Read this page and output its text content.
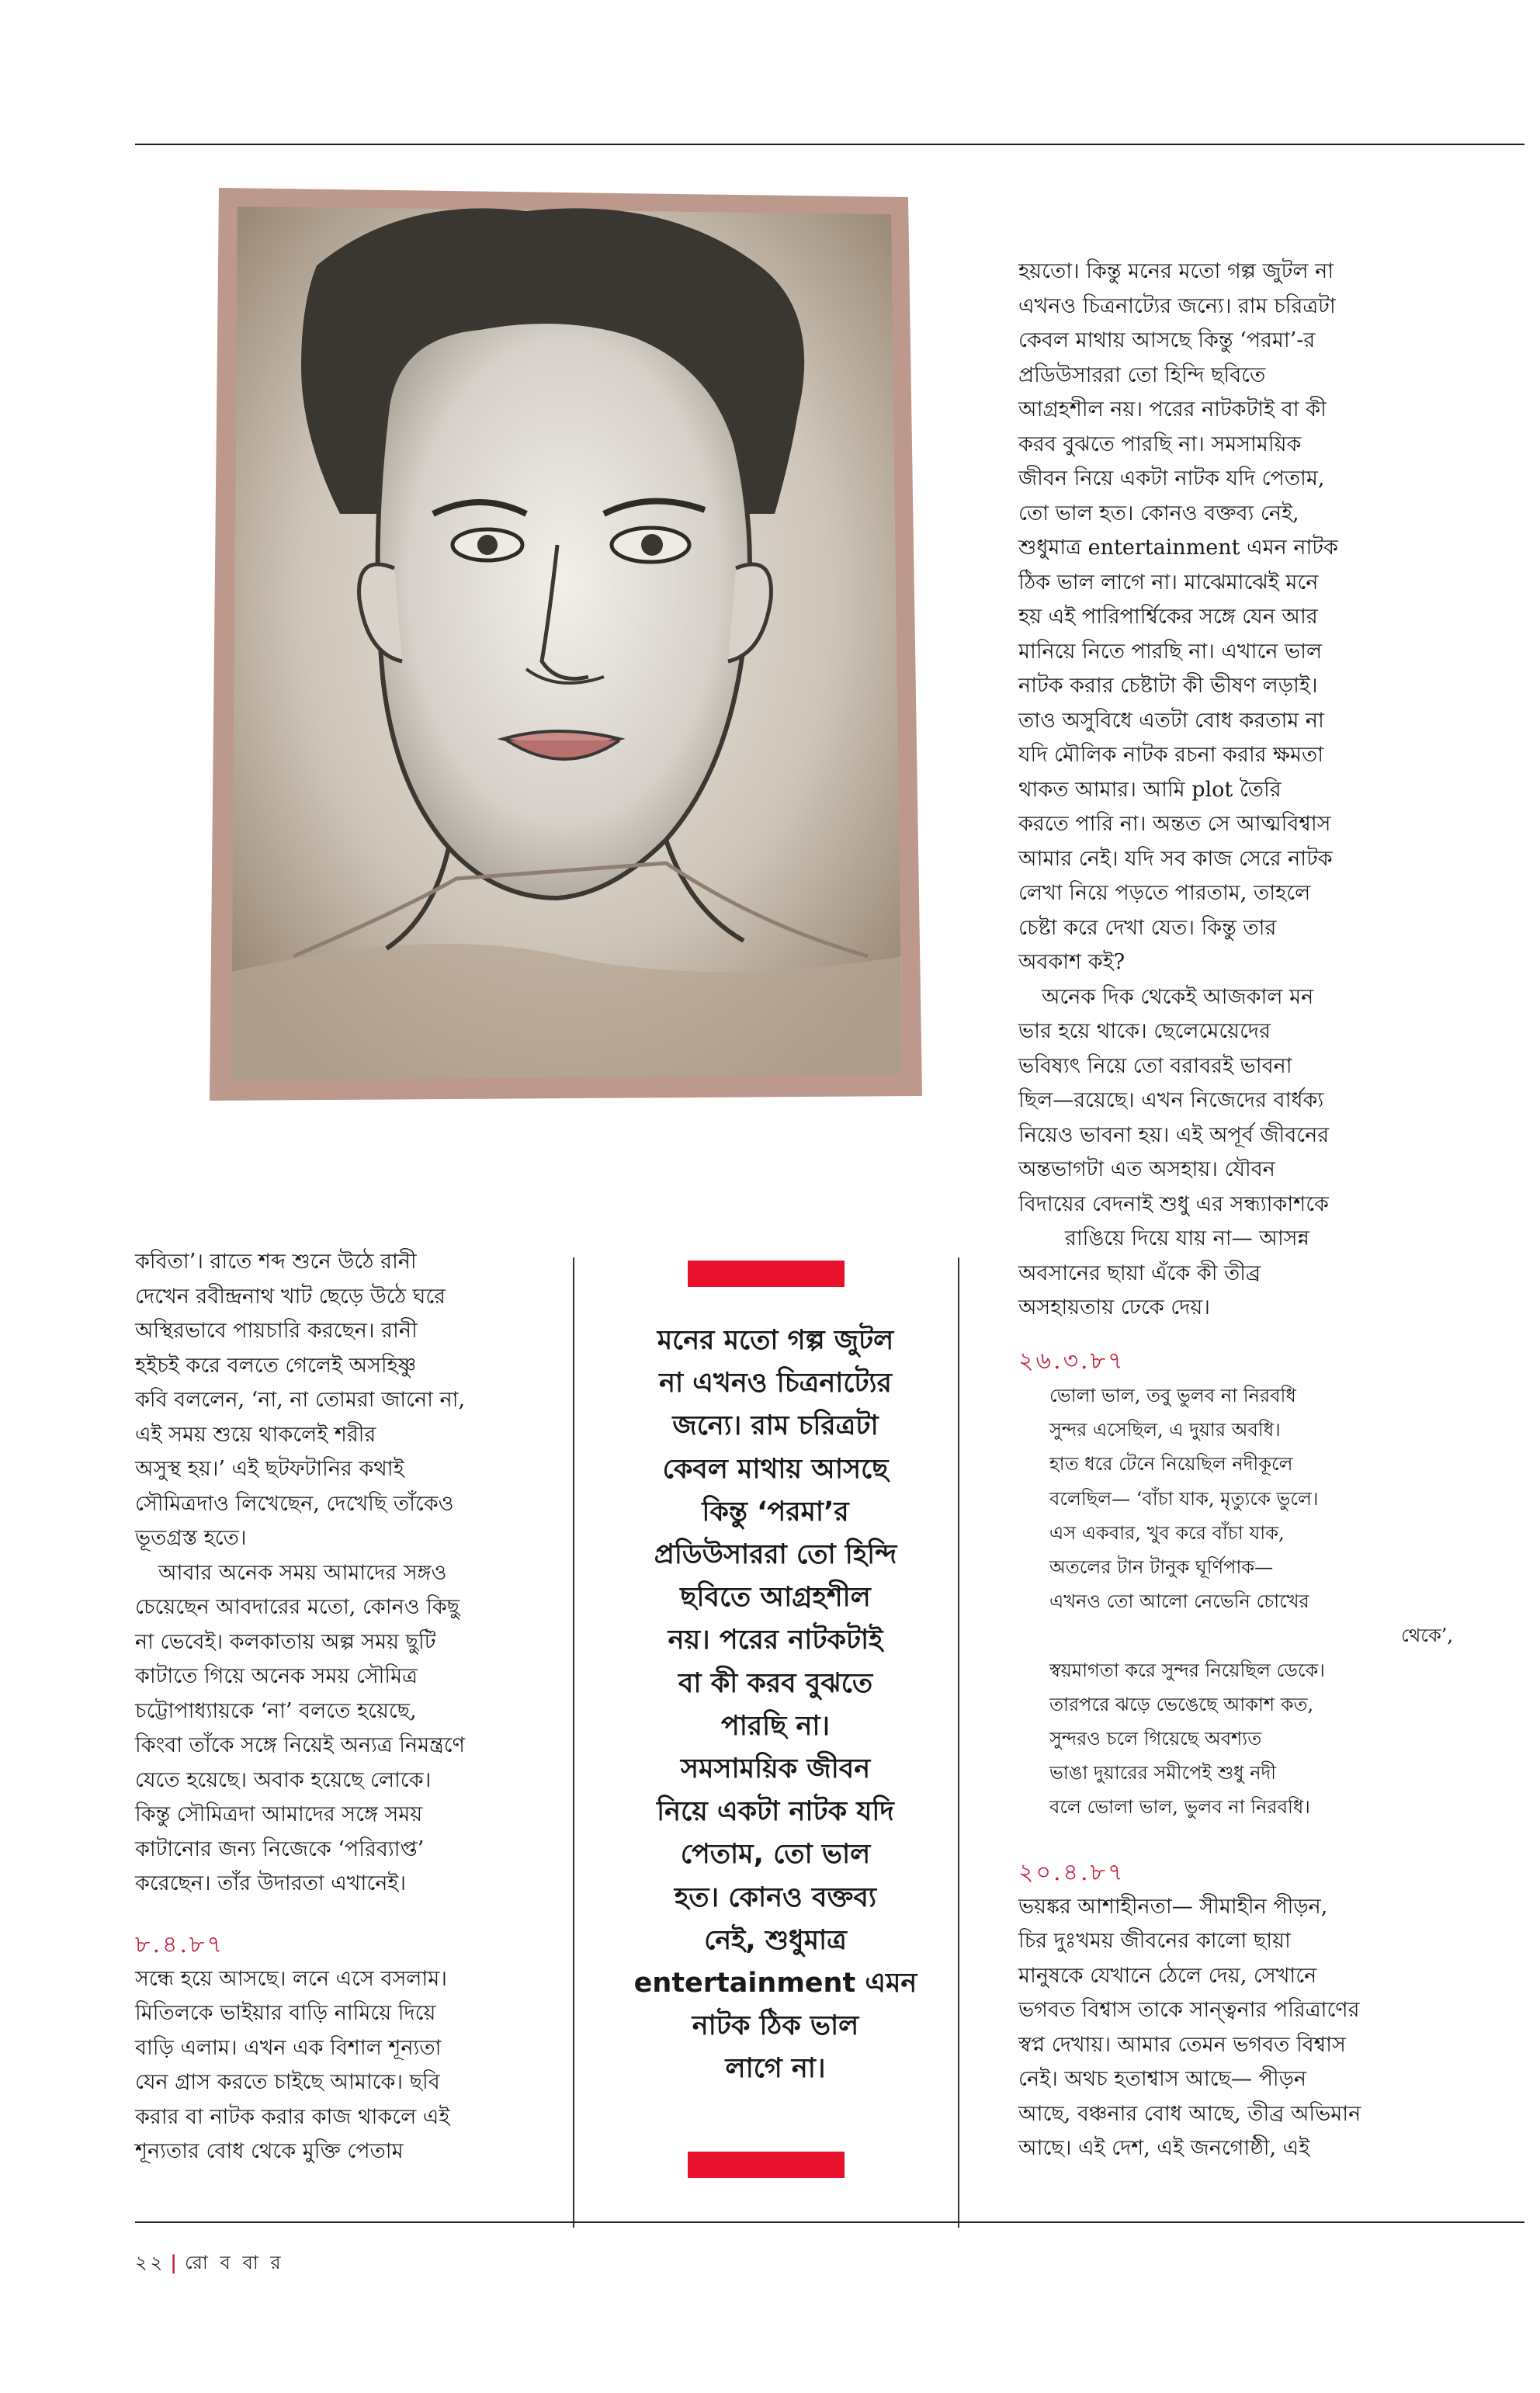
হয়তো। কিন্তু মনের মতো গল্প জুটল না
এখনও চিত্রনাট্যের জন্যে। রাম চরিত্রটা
কেবল মাথায় আসছে কিন্তু ‘পরমা’-র
প্রডিউসাররা তো হিন্দি ছবিতে
আগ্রহশীল নয়। পরের নাটকটাই বা কী
করব বুঝতে পারছি না। সমসাময়িক
জীবন নিয়ে একটা নাটক যদি পেতাম,
তো ভাল হত। কোনও বক্তব্য নেই,
শুধুমাত্র entertainment এমন নাটক
ঠিক ভাল লাগে না। মাঝেমাঝেই মনে
হয় এই পারিপার্শ্বিকের সঙ্গে যেন আর
মানিয়ে নিতে পারছি না। এখানে ভাল
নাটক করার চেষ্টাটা কী ভীষণ লড়াই।
তাও অসুবিধে এতটা বোধ করতাম না
যদি মৌলিক নাটক রচনা করার ক্ষমতা
থাকত আমার। আমি plot তৈরি
করতে পারি না। অন্তত সে আত্মবিশ্বাস
আমার নেই। যদি সব কাজ সেরে নাটক
লেখা নিয়ে পড়তে পারতাম, তাহলে
চেষ্টা করে দেখা যেত। কিন্তু তার
অবকাশ কই?

অনেক দিক থেকেই আজকাল মন
ভার হয়ে থাকে। ছেলেমেয়েদের
ভবিষ্যৎ নিয়ে তো বরাবরই ভাবনা
ছিল—রয়েছে। এখন নিজেদের বার্ধক্য
নিয়েও ভাবনা হয়। এই অপূর্ব জীবনের
অন্তভাগটা এত অসহায়। যৌবন
বিদায়ের বেদনাই শুধু এর সন্ধ্যাকাশকে
রাঙিয়ে দিয়ে যায় না— আসন্ন
অবসানের ছায়া এঁকে কী তীব্র
অসহায়তায় ঢেকে দেয়।

২৬.৩.৮৭

ভোলা ভাল, তবু ভুলব না নিরবধি
সুন্দর এসেছিল, এ দুয়ার অবধি।
হাত ধরে টেনে নিয়েছিল নদীকূলে
বলেছিল— ‘বাঁচা যাক, মৃত্যুকে ভুলে।
এস একবার, খুব করে বাঁচা যাক,
অতলের টান টানুক ঘূর্ণিপাক—
এখনও তো আলো নেভেনি চোখের
থেকে’,
স্বয়মাগতা করে সুন্দর নিয়েছিল ডেকে।
তারপরে ঝড়ে ভেঙেছে আকাশ কত,
সুন্দরও চলে গিয়েছে অবশ্যত
ভাঙা দুয়ারের সমীপেই শুধু নদী
বলে ভোলা ভাল, ভুলব না নিরবধি।

২০.৪.৮৭

ভয়ঙ্কর আশাহীনতা— সীমাহীন পীড়ন,
চির দুঃখময় জীবনের কালো ছায়া
মানুষকে যেখানে ঠেলে দেয়, সেখানে
ভগবত বিশ্বাস তাকে সান্ত্বনার পরিত্রাণের
স্বপ্ন দেখায়। আমার তেমন ভগবত বিশ্বাস
নেই। অথচ হতাশ্বাস আছে— পীড়ন
আছে, বঞ্চনার বোধ আছে, তীব্র অভিমান
আছে। এই দেশ, এই জনগোষ্ঠী, এই

কবিতা’। রাতে শব্দ শুনে উঠে রানী
দেখেন রবীন্দ্রনাথ খাট ছেড়ে উঠে ঘরে
অস্থিরভাবে পায়চারি করছেন। রানী
হইচই করে বলতে গেলেই অসহিষ্ণু
কবি বললেন, ‘না, না তোমরা জানো না,
এই সময় শুয়ে থাকলেই শরীর
অসুস্থ হয়।’ এই ছটফটানির কথাই
সৌমিত্রদাও লিখেছেন, দেখেছি তাঁকেও
ভূতগ্রস্ত হতে।

আবার অনেক সময় আমাদের সঙ্গও
চেয়েছেন আবদারের মতো, কোনও কিছু
না ভেবেই। কলকাতায় অল্প সময় ছুটি
কাটাতে গিয়ে অনেক সময় সৌমিত্র
চট্টোপাধ্যায়কে ‘না’ বলতে হয়েছে,
কিংবা তাঁকে সঙ্গে নিয়েই অন্যত্র নিমন্ত্রণে
যেতে হয়েছে। অবাক হয়েছে লোকে।
কিন্তু সৌমিত্রদা আমাদের সঙ্গে সময়
কাটানোর জন্য নিজেকে ‘পরিব্যাপ্ত’
করেছেন। তাঁর উদারতা এখানেই।

৮.৪.৮৭

সন্ধে হয়ে আসছে। লনে এসে বসলাম।
মিতিলকে ভাইয়ার বাড়ি নামিয়ে দিয়ে
বাড়ি এলাম। এখন এক বিশাল শূন্যতা
যেন গ্রাস করতে চাইছে আমাকে। ছবি
করার বা নাটক করার কাজ থাকলে এই
শূন্যতার বোধ থেকে মুক্তি পেতাম

মনের মতো গল্প জুটল
না এখনও চিত্রনাট্যের
জন্যে। রাম চরিত্রটা
কেবল মাথায় আসছে
কিন্তু ‘পরমা’র
প্রডিউসাররা তো হিন্দি
ছবিতে আগ্রহশীল
নয়। পরের নাটকটাই
বা কী করব বুঝতে
পারছি না।
সমসাময়িক জীবন
নিয়ে একটা নাটক যদি
পেতাম, তো ভাল
হত। কোনও বক্তব্য
নেই, শুধুমাত্র
entertainment এমন
নাটক ঠিক ভাল
লাগে না।
২২ | রো ব বা র
